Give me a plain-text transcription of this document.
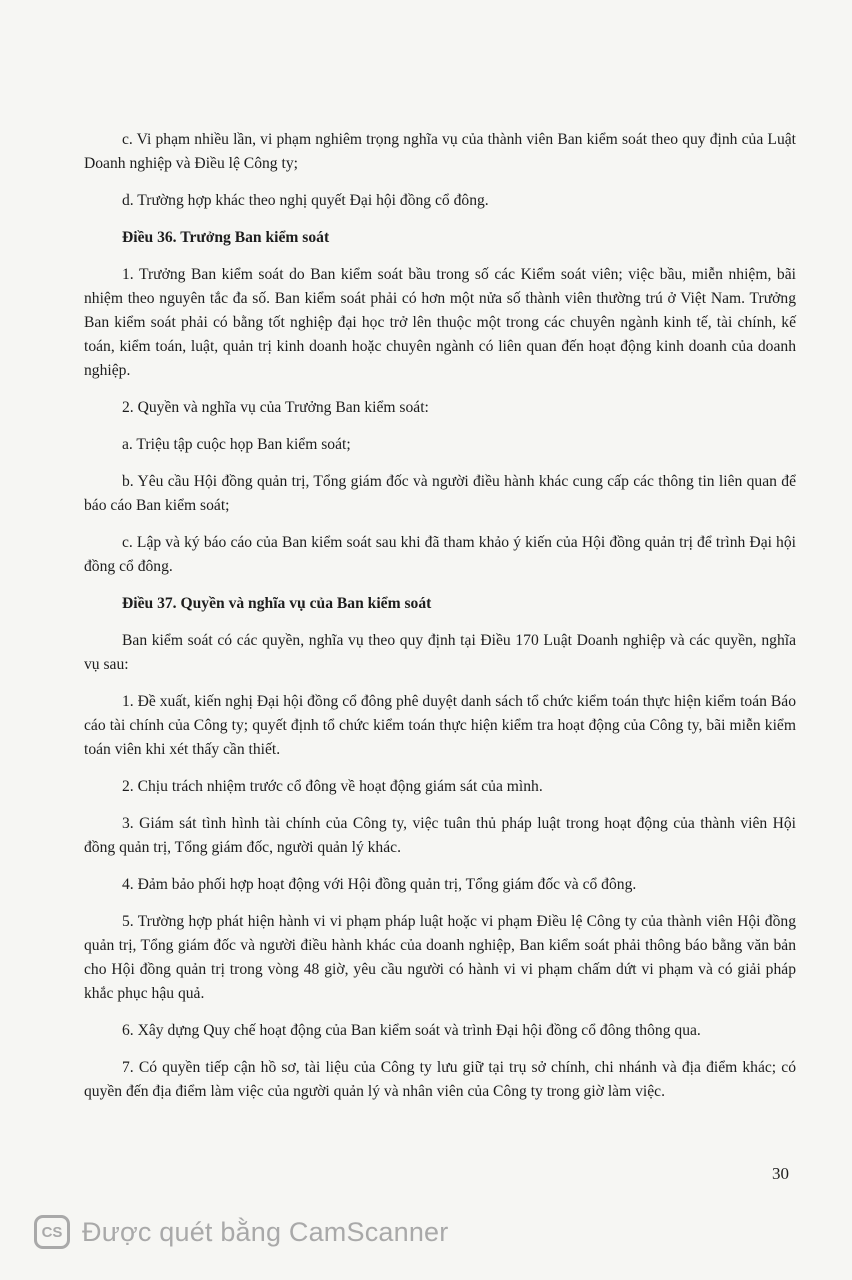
c. Vi phạm nhiều lần, vi phạm nghiêm trọng nghĩa vụ của thành viên Ban kiểm soát theo quy định của Luật Doanh nghiệp và Điều lệ Công ty;

d. Trường hợp khác theo nghị quyết Đại hội đồng cổ đông.

Điều 36. Trưởng Ban kiểm soát

1. Trưởng Ban kiểm soát do Ban kiểm soát bầu trong số các Kiểm soát viên; việc bầu, miễn nhiệm, bãi nhiệm theo nguyên tắc đa số. Ban kiểm soát phải có hơn một nửa số thành viên thường trú ở Việt Nam. Trưởng Ban kiểm soát phải có bằng tốt nghiệp đại học trở lên thuộc một trong các chuyên ngành kinh tế, tài chính, kế toán, kiểm toán, luật, quản trị kinh doanh hoặc chuyên ngành có liên quan đến hoạt động kinh doanh của doanh nghiệp.

2. Quyền và nghĩa vụ của Trưởng Ban kiểm soát:

a. Triệu tập cuộc họp Ban kiểm soát;

b. Yêu cầu Hội đồng quản trị, Tổng giám đốc và người điều hành khác cung cấp các thông tin liên quan để báo cáo Ban kiểm soát;

c. Lập và ký báo cáo của Ban kiểm soát sau khi đã tham khảo ý kiến của Hội đồng quản trị để trình Đại hội đồng cổ đông.

Điều 37. Quyền và nghĩa vụ của Ban kiểm soát

Ban kiểm soát có các quyền, nghĩa vụ theo quy định tại Điều 170 Luật Doanh nghiệp và các quyền, nghĩa vụ sau:

1. Đề xuất, kiến nghị Đại hội đồng cổ đông phê duyệt danh sách tổ chức kiểm toán thực hiện kiểm toán Báo cáo tài chính của Công ty; quyết định tổ chức kiểm toán thực hiện kiểm tra hoạt động của Công ty, bãi miễn kiểm toán viên khi xét thấy cần thiết.

2. Chịu trách nhiệm trước cổ đông về hoạt động giám sát của mình.

3. Giám sát tình hình tài chính của Công ty, việc tuân thủ pháp luật trong hoạt động của thành viên Hội đồng quản trị, Tổng giám đốc, người quản lý khác.

4. Đảm bảo phối hợp hoạt động với Hội đồng quản trị, Tổng giám đốc và cổ đông.

5. Trường hợp phát hiện hành vi vi phạm pháp luật hoặc vi phạm Điều lệ Công ty của thành viên Hội đồng quản trị, Tổng giám đốc và người điều hành khác của doanh nghiệp, Ban kiểm soát phải thông báo bằng văn bản cho Hội đồng quản trị trong vòng 48 giờ, yêu cầu người có hành vi vi phạm chấm dứt vi phạm và có giải pháp khắc phục hậu quả.

6. Xây dựng Quy chế hoạt động của Ban kiểm soát và trình Đại hội đồng cổ đông thông qua.

7. Có quyền tiếp cận hồ sơ, tài liệu của Công ty lưu giữ tại trụ sở chính, chi nhánh và địa điểm khác; có quyền đến địa điểm làm việc của người quản lý và nhân viên của Công ty trong giờ làm việc.

30
CS Được quét bằng CamScanner
